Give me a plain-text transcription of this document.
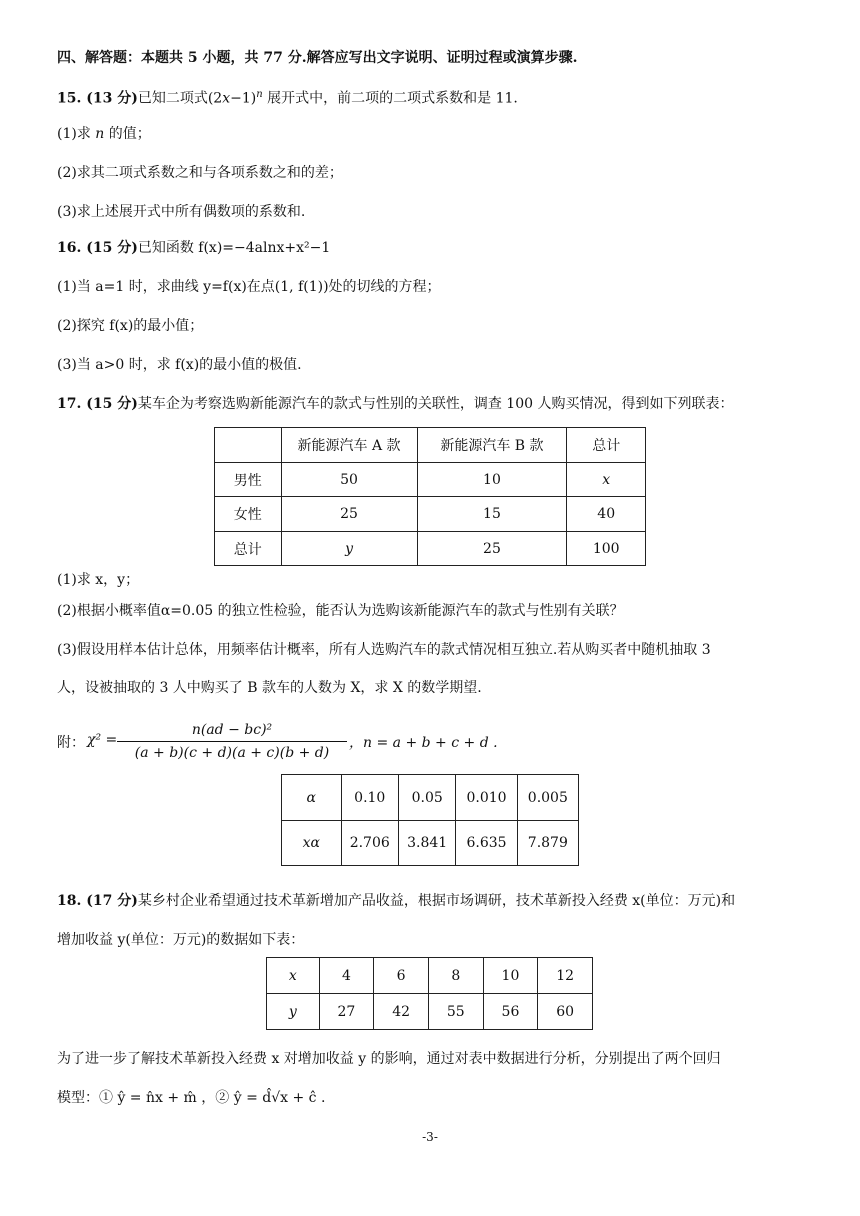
四、解答题：本题共 5 小题，共 77 分.解答应写出文字说明、证明过程或演算步骤.
15. (13 分)已知二项式$(2x-1)^n$ 展开式中，前二项的二项式系数和是 11.
(1)求 n 的值；
(2)求其二项式系数之和与各项系数之和的差；
(3)求上述展开式中所有偶数项的系数和.
16. (15 分)已知函数 f(x)=−4alnx+x²−1
(1)当 a=1 时，求曲线 y=f(x)在点(1, f(1))处的切线的方程；
(2)探究 f(x)的最小值；
(3)当 a>0 时，求 f(x)的最小值的极值.
17. (15 分)某车企为考察选购新能源汽车的款式与性别的关联性，调查 100 人购买情况，得到如下列联表：
	新能源汽车 A 款	新能源汽车 B 款	总计
男性	50	10	x
女性	25	15	40
总计	y	25	100
(1)求 x，y；
(2)根据小概率值α=0.05 的独立性检验，能否认为选购该新能源汽车的款式与性别有关联？
(3)假设用样本估计总体，用频率估计概率，所有人选购汽车的款式情况相互独立.若从购买者中随机抽取 3
人，设被抽取的 3 人中购买了 B 款车的人数为 X，求 X 的数学期望.
附： χ² =
n(ad − bc)²
(a + b)(c + d)(a + c)(b + d)
，n = a + b + c + d .
α	0.10	0.05	0.010	0.005
xα	2.706	3.841	6.635	7.879
18. (17 分)某乡村企业希望通过技术革新增加产品收益，根据市场调研，技术革新投入经费 x(单位：万元)和
增加收益 y(单位：万元)的数据如下表：
x	4	6	8	10	12
y	27	42	55	56	60
为了进一步了解技术革新投入经费 x 对增加收益 y 的影响，通过对表中数据进行分析，分别提出了两个回归
模型：① ŷ = n̂x + m̂ ，② ŷ = d̂√x + ĉ .
-3-
